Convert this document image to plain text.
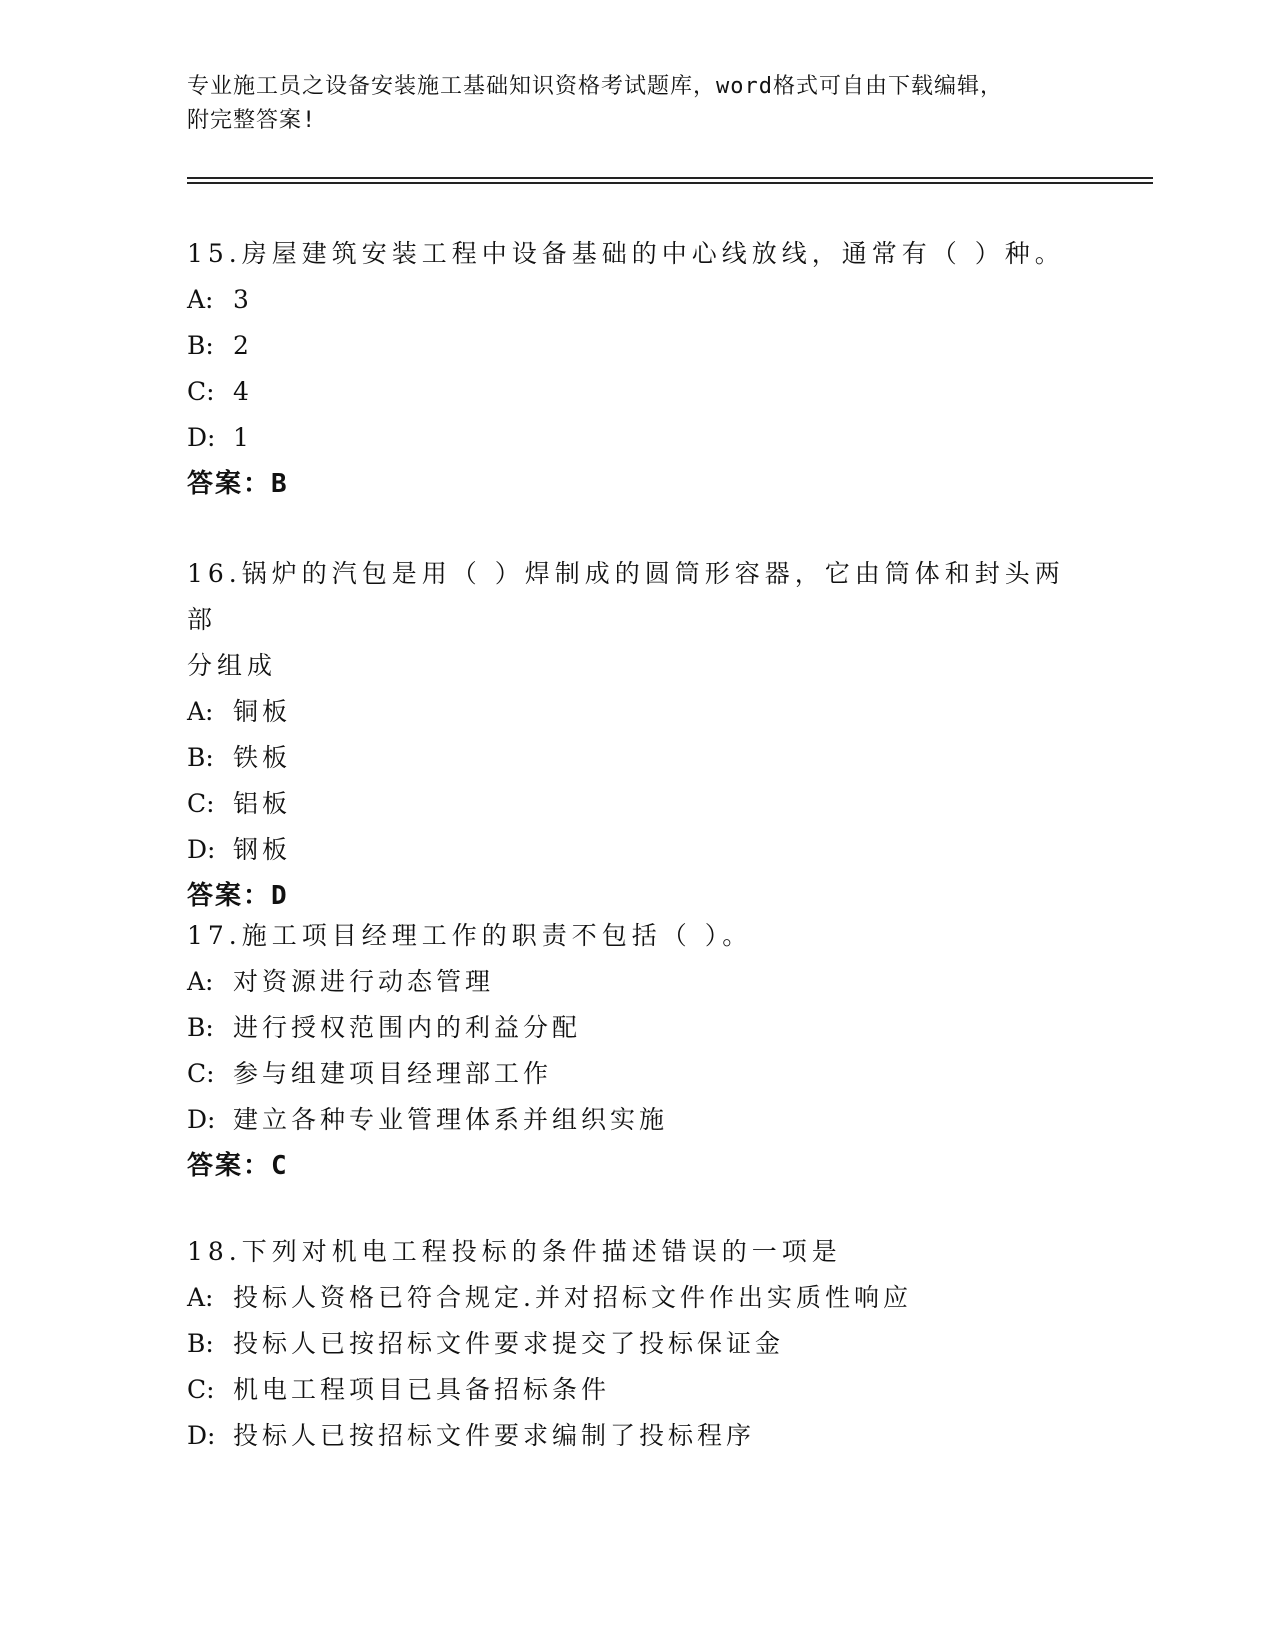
专业施工员之设备安装施工基础知识资格考试题库，word格式可自由下载编辑，
附完整答案!
15.房屋建筑安装工程中设备基础的中心线放线，通常有（ ）种。
A: 3
B: 2
C: 4
D: 1
答案：B
16.锅炉的汽包是用（ ）焊制成的圆筒形容器，它由筒体和封头两部
分组成
A: 铜板
B: 铁板
C: 铝板
D: 钢板
答案：D
17.施工项目经理工作的职责不包括（ ）。
A: 对资源进行动态管理
B: 进行授权范围内的利益分配
C: 参与组建项目经理部工作
D: 建立各种专业管理体系并组织实施
答案：C
18.下列对机电工程投标的条件描述错误的一项是
A: 投标人资格已符合规定.并对招标文件作出实质性响应
B: 投标人已按招标文件要求提交了投标保证金
C: 机电工程项目已具备招标条件
D: 投标人已按招标文件要求编制了投标程序
